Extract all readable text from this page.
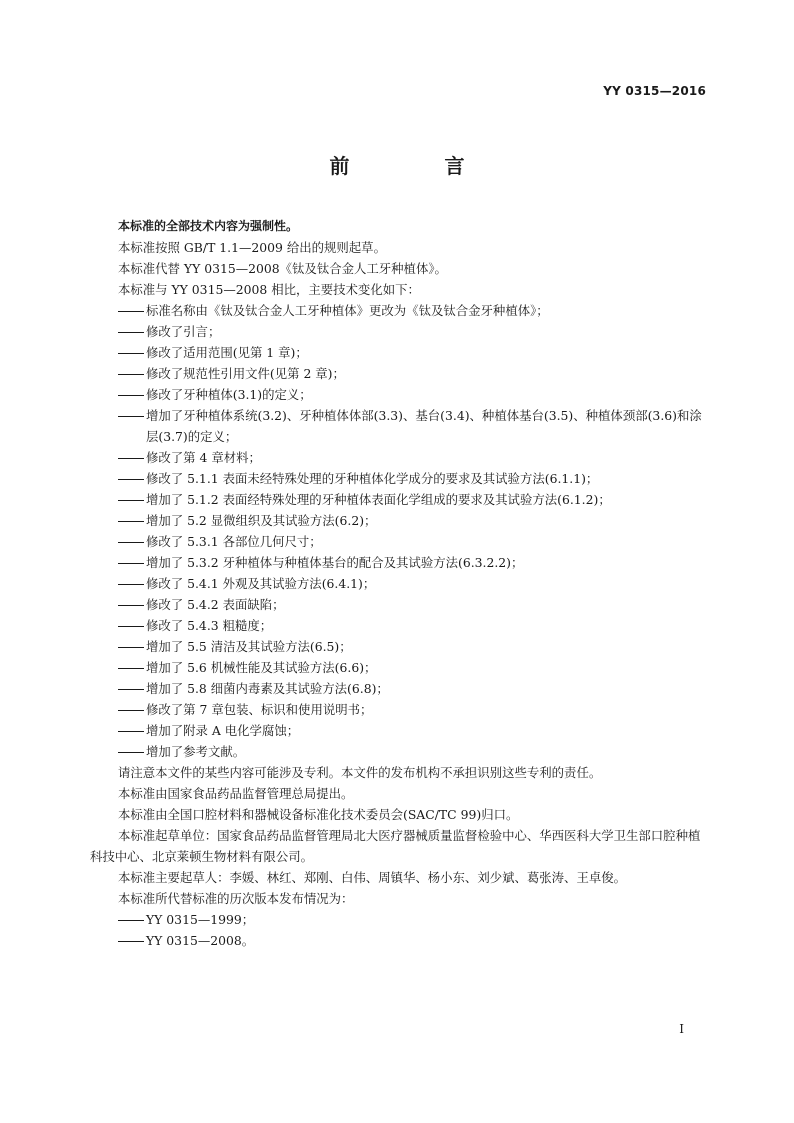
YY 0315—2016

前 言

本标准的全部技术内容为强制性。

本标准按照 GB/T 1.1—2009 给出的规则起草。

本标准代替 YY 0315—2008《钛及钛合金人工牙种植体》。

本标准与 YY 0315—2008 相比，主要技术变化如下：

标准名称由《钛及钛合金人工牙种植体》更改为《钛及钛合金牙种植体》；

修改了引言；

修改了适用范围(见第 1 章)；

修改了规范性引用文件(见第 2 章)；

修改了牙种植体(3.1)的定义；

增加了牙种植体系统(3.2)、牙种植体体部(3.3)、基台(3.4)、种植体基台(3.5)、种植体颈部(3.6)和涂层(3.7)的定义；

修改了第 4 章材料；

修改了 5.1.1 表面未经特殊处理的牙种植体化学成分的要求及其试验方法(6.1.1)；

增加了 5.1.2 表面经特殊处理的牙种植体表面化学组成的要求及其试验方法(6.1.2)；

增加了 5.2 显微组织及其试验方法(6.2)；

修改了 5.3.1 各部位几何尺寸；

增加了 5.3.2 牙种植体与种植体基台的配合及其试验方法(6.3.2.2)；

修改了 5.4.1 外观及其试验方法(6.4.1)；

修改了 5.4.2 表面缺陷；

修改了 5.4.3 粗糙度；

增加了 5.5 清洁及其试验方法(6.5)；

增加了 5.6 机械性能及其试验方法(6.6)；

增加了 5.8 细菌内毒素及其试验方法(6.8)；

修改了第 7 章包装、标识和使用说明书；

增加了附录 A 电化学腐蚀；

增加了参考文献。

请注意本文件的某些内容可能涉及专利。本文件的发布机构不承担识别这些专利的责任。

本标准由国家食品药品监督管理总局提出。

本标准由全国口腔材料和器械设备标准化技术委员会(SAC/TC 99)归口。

本标准起草单位：国家食品药品监督管理局北大医疗器械质量监督检验中心、华西医科大学卫生部口腔种植科技中心、北京莱顿生物材料有限公司。

本标准主要起草人：李媛、林红、郑刚、白伟、周镇华、杨小东、刘少斌、葛张涛、王卓俊。

本标准所代替标准的历次版本发布情况为：

YY 0315—1999；

YY 0315—2008。

I
